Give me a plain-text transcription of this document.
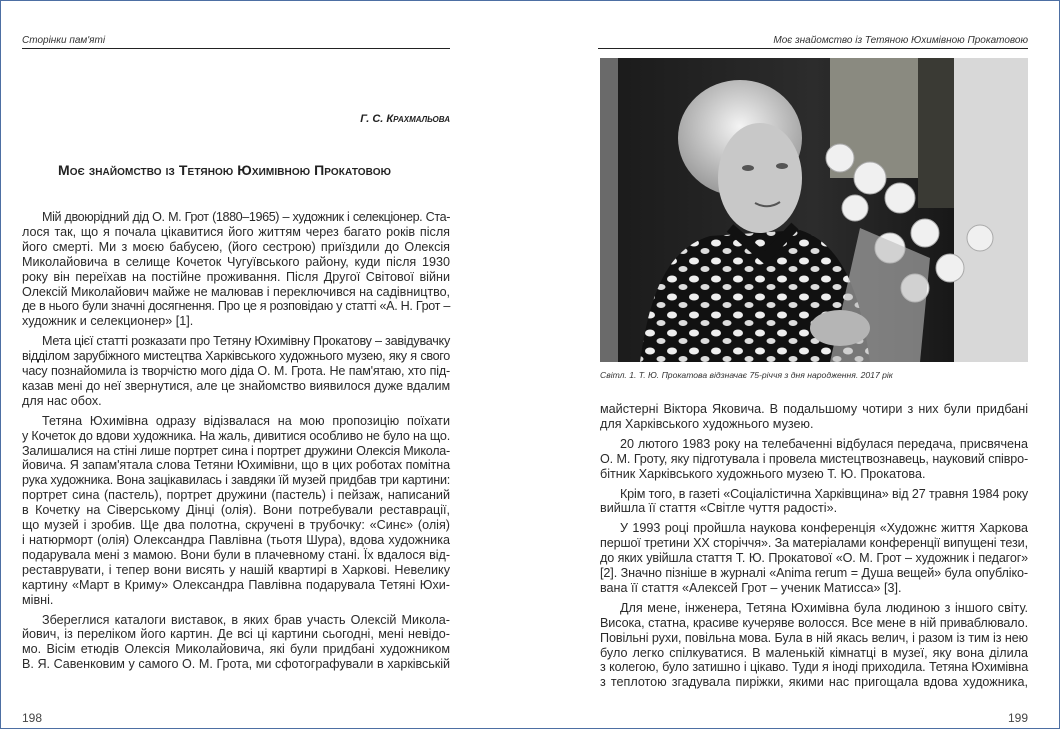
Сторінки пам'яті
Г. С. Крахмальова
Моє знайомство із Тетяною Юхимівною Прокатовою
Мій двоюрідний дід О. М. Грот (1880–1965) – художник і селекціонер. Ста-
лося так, що я почала цікавитися його життям через багато років після
його смерті. Ми з моєю бабусею, (його сестрою) приїздили до Олексія
Миколайовича в селище Кочеток Чугуївського району, куди після 1930
року він переїхав на постійне проживання. Після Другої Світової війни
Олексій Миколайович майже не малював і переключився на садівництво,
де в нього були значні досягнення. Про це я розповідаю у статті «А. Н. Грот –
художник и селекционер» [1].
Мета цієї статті розказати про Тетяну Юхимівну Прокатову – завідувачку
відділом зарубіжного мистецтва Харківського художнього музею, яку я свого
часу познайомила із творчістю мого діда О. М. Грота. Не пам'ятаю, хто під-
казав мені до неї звернутися, але це знайомство виявилося дуже вдалим
для нас обох.
Тетяна Юхимівна одразу відізвалася на мою пропозицію поїхати
у Кочеток до вдови художника. На жаль, дивитися особливо не було на що.
Залишалися на стіні лише портрет сина і портрет дружини Олексія Микола-
йовича. Я запам'ятала слова Тетяни Юхимівни, що в цих роботах помітна
рука художника. Вона зацікавилась і завдяки їй музей придбав три картини:
портрет сина (пастель), портрет дружини (пастель) і пейзаж, написаний
в Кочетку на Сіверському Дінці (олія). Вони потребували реставрації,
що музей і зробив. Ще два полотна, скручені в трубочку: «Синє» (олія)
і натюрморт (олія) Олександра Павлівна (тьотя Шура), вдова художника
подарувала мені з мамою. Вони були в плачевному стані. Їх вдалося від-
реставрувати, і тепер вони висять у нашій квартирі в Харкові. Невелику
картину «Март в Криму» Олександра Павлівна подарувала Тетяні Юхи-
мівні.
Збереглися каталоги виставок, в яких брав участь Олексій Микола-
йович, із переліком його картин. Де всі ці картини сьогодні, мені невідо-
мо. Вісім етюдів Олексія Миколайовича, які були придбані художником
В. Я. Савенковим у самого О. М. Грота, ми сфотографували в харківській
198
Моє знайомство із Тетяною Юхимівною Прокатовою
199
Світл. 1. Т. Ю. Прокатова відзначає 75-річчя з дня народження. 2017 рік
майстерні Віктора Яковича. В подальшому чотири з них були придбані
для Харківського художнього музею.
20 лютого 1983 року на телебаченні відбулася передача, присвячена
О. М. Гроту, яку підготувала і провела мистецтвознавець, науковий співро-
бітник Харківського художнього музею Т. Ю. Прокатова.
Крім того, в газеті «Соціалістична Харківщина» від 27 травня 1984 року
вийшла її стаття «Світле чуття радості».
У 1993 році пройшла наукова конференція «Художнє життя Харкова
першої третини XX сторіччя». За матеріалами конференції випущені тези,
до яких увійшла стаття Т. Ю. Прокатової «О. М. Грот – художник і педагог»
[2]. Значно пізніше в журналі «Anima rerum = Душа вещей» була опубліко-
вана її стаття «Алексей Грот – ученик Матисса» [3].
Для мене, інженера, Тетяна Юхимівна була людиною з іншого світу.
Висока, статна, красиве кучеряве волосся. Все мене в ній приваблювало.
Повільні рухи, повільна мова. Була в ній якась велич, і разом із тим із нею
було легко спілкуватися. В маленькій кімнатці в музеї, яку вона ділила
з колегою, було затишно і цікаво. Туди я іноді приходила. Тетяна Юхимівна
з теплотою згадувала пиріжки, якими нас пригощала вдова художника,
